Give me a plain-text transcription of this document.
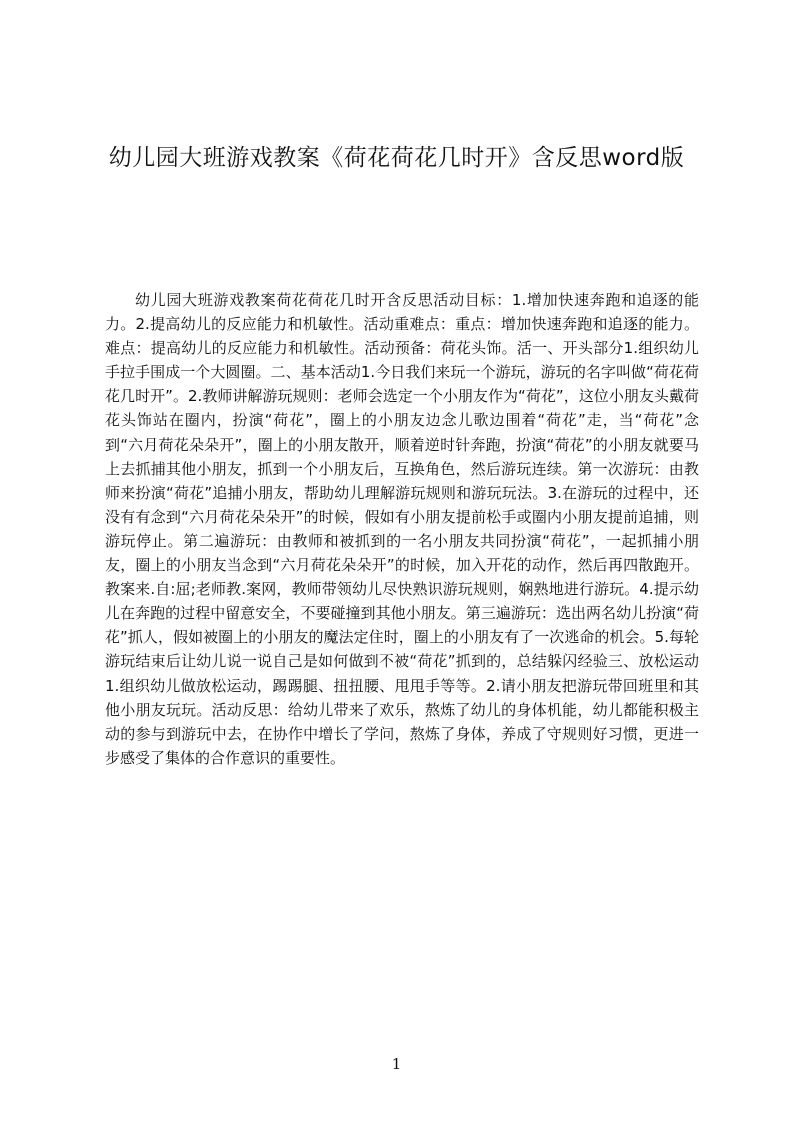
幼儿园大班游戏教案《荷花荷花几时开》含反思word版

幼儿园大班游戏教案荷花荷花几时开含反思活动目标：1.增加快速奔跑和追逐的能力。2.提高幼儿的反应能力和机敏性。活动重难点：重点：增加快速奔跑和追逐的能力。难点：提高幼儿的反应能力和机敏性。活动预备：荷花头饰。活一、开头部分1.组织幼儿手拉手围成一个大圆圈。二、基本活动1.今日我们来玩一个游玩，游玩的名字叫做“荷花荷花几时开”。2.教师讲解游玩规则：老师会选定一个小朋友作为“荷花”，这位小朋友头戴荷花头饰站在圈内，扮演“荷花”，圈上的小朋友边念儿歌边围着“荷花”走，当“荷花”念到“六月荷花朵朵开”，圈上的小朋友散开，顺着逆时针奔跑，扮演“荷花”的小朋友就要马上去抓捕其他小朋友，抓到一个小朋友后，互换角色，然后游玩连续。第一次游玩：由教师来扮演“荷花”追捕小朋友，帮助幼儿理解游玩规则和游玩玩法。3.在游玩的过程中，还没有有念到“六月荷花朵朵开”的时候，假如有小朋友提前松手或圈内小朋友提前追捕，则游玩停止。第二遍游玩：由教师和被抓到的一名小朋友共同扮演“荷花”，一起抓捕小朋友，圈上的小朋友当念到“六月荷花朵朵开”的时候，加入开花的动作，然后再四散跑开。教案来.自:屈;老师教.案网，教师带领幼儿尽快熟识游玩规则，娴熟地进行游玩。4.提示幼儿在奔跑的过程中留意安全，不要碰撞到其他小朋友。第三遍游玩：选出两名幼儿扮演“荷花”抓人，假如被圈上的小朋友的魔法定住时，圈上的小朋友有了一次逃命的机会。5.每轮游玩结束后让幼儿说一说自己是如何做到不被“荷花”抓到的，总结躲闪经验三、放松运动1.组织幼儿做放松运动，踢踢腿、扭扭腰、甩甩手等等。2.请小朋友把游玩带回班里和其他小朋友玩玩。活动反思：给幼儿带来了欢乐，熬炼了幼儿的身体机能，幼儿都能积极主动的参与到游玩中去，在协作中增长了学问，熬炼了身体，养成了守规则好习惯，更进一步感受了集体的合作意识的重要性。

1
